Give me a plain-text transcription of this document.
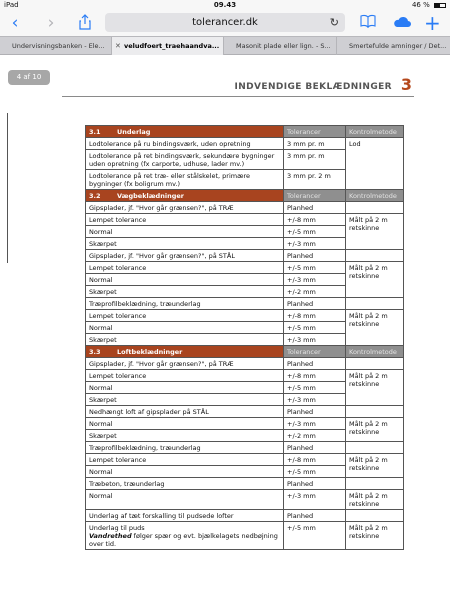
iPad	09.43	46 %
‹ ›	tolerancer.dk	↻	+
Undervisningsbanken - Ele...	✕ veludfoert_traehaandva...	Masonit plade eller lign. - S...	Smertefulde amninger / Det...
4 af 10
INDVENDIGE BEKLÆDNINGER 3
3.1 Underlag	Tolerancer	Kontrolmetode
Lodtolerance på ru bindingsværk, uden opretning	3 mm pr. m	Lod
Lodtolerance på ret bindingsværk, sekundære bygninger uden opretning (fx carporte, udhuse, lader mv.)	3 mm pr. m	
Lodtolerance på ret træ- eller stålskelet, primære bygninger (fx boligrum mv.)	3 mm pr. 2 m	
3.2 Vægbeklædninger	Tolerancer	Kontrolmetode
Gipsplader, jf. "Hvor går grænsen?", på TRÆ	Planhed	
Lempet tolerance	+/-8 mm	Målt på 2 m retskinne
Normal	+/-5 mm	
Skærpet	+/-3 mm	
Gipsplader, jf. "Hvor går grænsen?", på STÅL	Planhed	
Lempet tolerance	+/-5 mm	Målt på 2 m retskinne
Normal	+/-3 mm	
Skærpet	+/-2 mm	
Træprofilbeklædning, træunderlag	Planhed	
Lempet tolerance	+/-8 mm	Målt på 2 m retskinne
Normal	+/-5 mm	
Skærpet	+/-3 mm	
3.3 Loftbeklædninger	Tolerancer	Kontrolmetode
Gipsplader, jf. "Hvor går grænsen?", på TRÆ	Planhed	
Lempet tolerance	+/-8 mm	Målt på 2 m retskinne
Normal	+/-5 mm	
Skærpet	+/-3 mm	
Nedhængt loft af gipsplader på STÅL	Planhed	
Normal	+/-3 mm	Målt på 2 m retskinne
Skærpet	+/-2 mm	
Træprofilbeklædning, træunderlag	Planhed	
Lempet tolerance	+/-8 mm	Målt på 2 m retskinne
Normal	+/-5 mm	
Træbeton, træunderlag	Planhed	
Normal	+/-3 mm	Målt på 2 m retskinne
Underlag af tæt forskalling til pudsede lofter	Planhed	
Underlag til puds
Vandrethed følger spær og evt. bjælkelagets nedbøjning over tid.	+/-5 mm	Målt på 2 m retskinne
